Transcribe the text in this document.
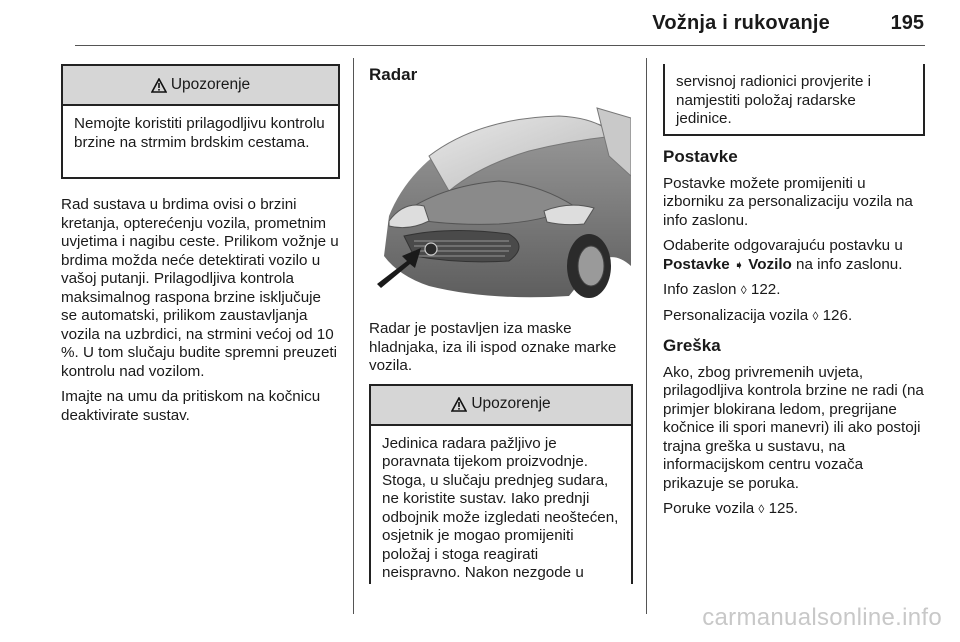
Vožnja i rukovanje	195
Upozorenje

Nemojte koristiti prilagodljivu kontrolu brzine na strmim brdskim cestama.

Rad sustava u brdima ovisi o brzini kretanja, opterećenju vozila, prometnim uvjetima i nagibu ceste. Prilikom vožnje u brdima možda neće detektirati vozilo u vašoj putanji. Prilagodljiva kontrola maksimalnog raspona brzine isključuje se automatski, prilikom zaustavljanja vozila na uzbrdici, na strmini većoj od 10 %. U tom slučaju budite spremni preuzeti kontrolu nad vozilom.

Imajte na umu da pritiskom na kočnicu deaktivirate sustav.

Radar

Radar je postavljen iza maske hladnjaka, iza ili ispod oznake marke vozila.

Upozorenje

Jedinica radara pažljivo je poravnata tijekom proizvodnje. Stoga, u slučaju prednjeg sudara, ne koristite sustav. Iako prednji odbojnik može izgledati neoštećen, osjetnik je mogao promijeniti položaj i stoga reagirati neispravno. Nakon nezgode u

servisnoj radionici provjerite i namjestiti položaj radarske jedinice.

Postavke

Postavke možete promijeniti u izborniku za personalizaciju vozila na info zaslonu.

Odaberite odgovarajuću postavku u
Postavke ➧ Vozilo na info zaslonu.

Info zaslon ◊ 122.

Personalizacija vozila ◊ 126.

Greška

Ako, zbog privremenih uvjeta, prilagodljiva kontrola brzine ne radi (na primjer blokirana ledom, pregrijane kočnice ili spori manevri) ili ako postoji trajna greška u sustavu, na informacijskom centru vozača prikazuje se poruka.

Poruke vozila ◊ 125.

carmanualsonline.info
